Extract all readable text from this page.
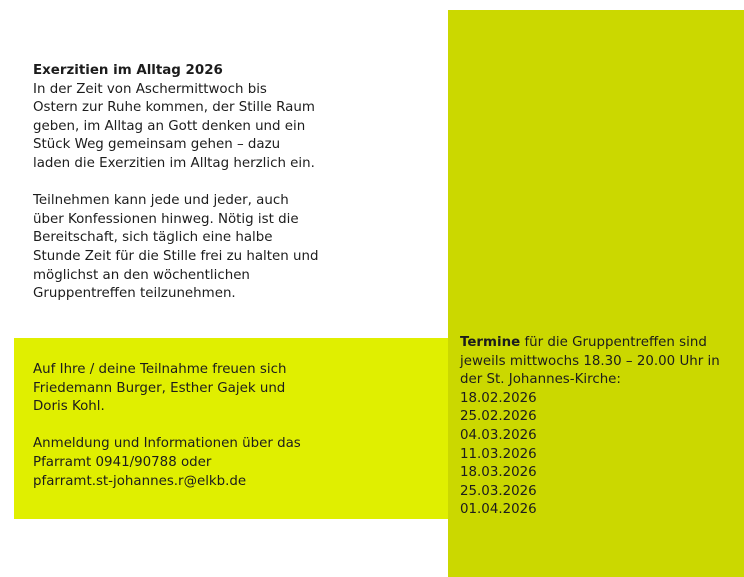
Exerzitien im Alltag 2026
In der Zeit von Aschermittwoch bis
Ostern zur Ruhe kommen, der Stille Raum
geben, im Alltag an Gott denken und ein
Stück Weg gemeinsam gehen – dazu
laden die Exerzitien im Alltag herzlich ein.
Teilnehmen kann jede und jeder, auch
über Konfessionen hinweg. Nötig ist die
Bereitschaft, sich täglich eine halbe
Stunde Zeit für die Stille frei zu halten und
möglichst an den wöchentlichen
Gruppentreffen teilzunehmen.
Auf Ihre / deine Teilnahme freuen sich
Friedemann Burger, Esther Gajek und
Doris Kohl.
Anmeldung und Informationen über das
Pfarramt 0941/90788 oder
pfarramt.st-johannes.r@elkb.de
Termine für die Gruppentreffen sind
jeweils mittwochs 18.30 – 20.00 Uhr in
der St. Johannes-Kirche:
18.02.2026
25.02.2026
04.03.2026
11.03.2026
18.03.2026
25.03.2026
01.04.2026
